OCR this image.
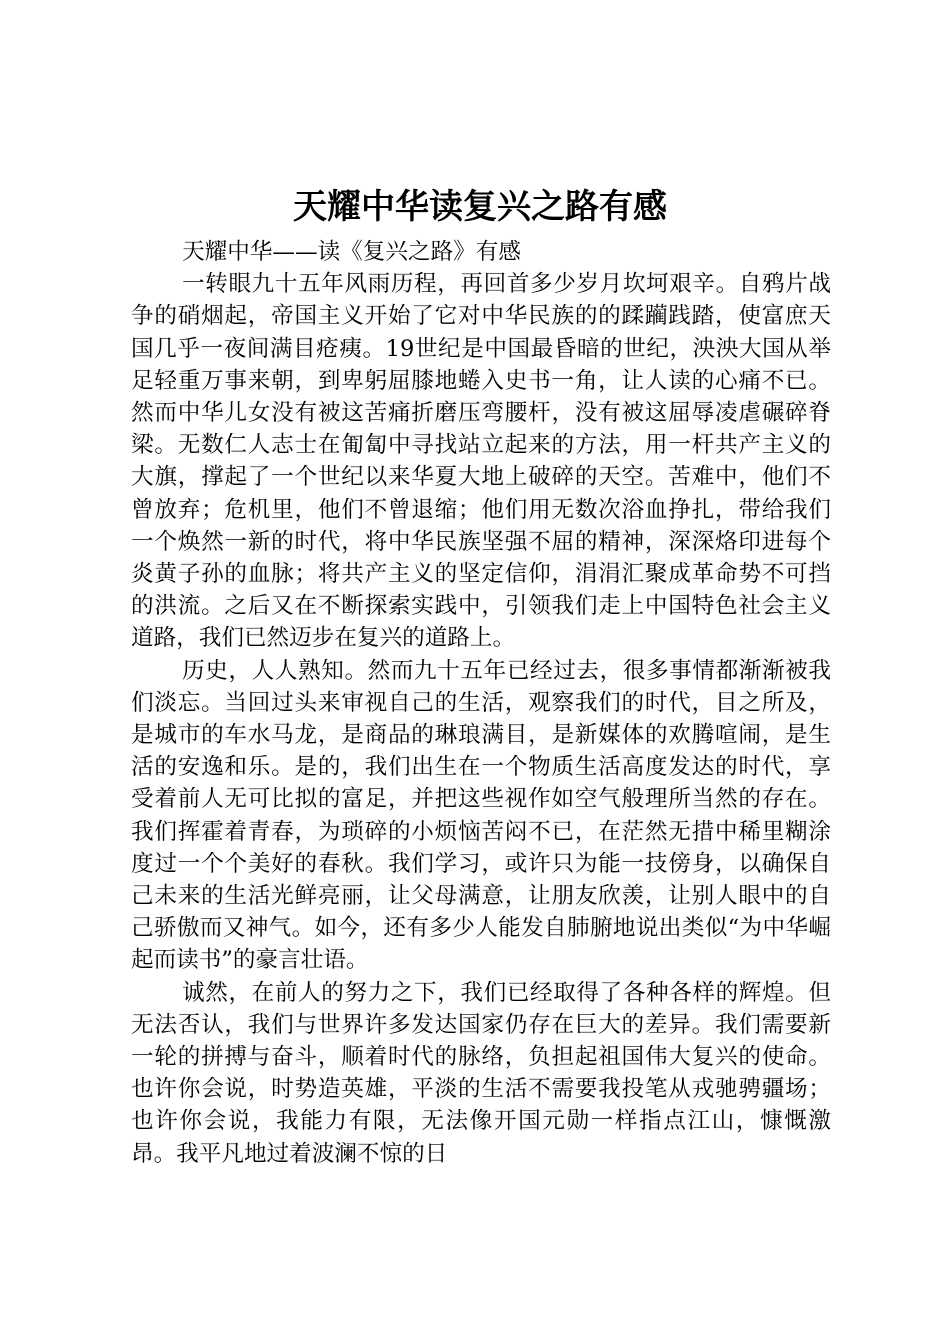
天耀中华读复兴之路有感

天耀中华——读《复兴之路》有感

一转眼九十五年风雨历程，再回首多少岁月坎坷艰辛。自鸦片战争的硝烟起，帝国主义开始了它对中华民族的的蹂躏践踏，使富庶天国几乎一夜间满目疮痍。19世纪是中国最昏暗的世纪，泱泱大国从举足轻重万事来朝，到卑躬屈膝地蜷入史书一角，让人读的心痛不已。然而中华儿女没有被这苦痛折磨压弯腰杆，没有被这屈辱凌虐碾碎脊梁。无数仁人志士在匍匐中寻找站立起来的方法，用一杆共产主义的大旗，撑起了一个世纪以来华夏大地上破碎的天空。苦难中，他们不曾放弃；危机里，他们不曾退缩；他们用无数次浴血挣扎，带给我们一个焕然一新的时代，将中华民族坚强不屈的精神，深深烙印进每个炎黄子孙的血脉；将共产主义的坚定信仰，涓涓汇聚成革命势不可挡的洪流。之后又在不断探索实践中，引领我们走上中国特色社会主义道路，我们已然迈步在复兴的道路上。

历史，人人熟知。然而九十五年已经过去，很多事情都渐渐被我们淡忘。当回过头来审视自己的生活，观察我们的时代，目之所及，是城市的车水马龙，是商品的琳琅满目，是新媒体的欢腾喧闹，是生活的安逸和乐。是的，我们出生在一个物质生活高度发达的时代，享受着前人无可比拟的富足，并把这些视作如空气般理所当然的存在。我们挥霍着青春，为琐碎的小烦恼苦闷不已，在茫然无措中稀里糊涂度过一个个美好的春秋。我们学习，或许只为能一技傍身，以确保自己未来的生活光鲜亮丽，让父母满意，让朋友欣羡，让别人眼中的自己骄傲而又神气。如今，还有多少人能发自肺腑地说出类似“为中华崛起而读书”的豪言壮语。

诚然，在前人的努力之下，我们已经取得了各种各样的辉煌。但无法否认，我们与世界许多发达国家仍存在巨大的差异。我们需要新一轮的拼搏与奋斗，顺着时代的脉络，负担起祖国伟大复兴的使命。也许你会说，时势造英雄，平淡的生活不需要我投笔从戎驰骋疆场；也许你会说，我能力有限，无法像开国元勋一样指点江山，慷慨激昂。我平凡地过着波澜不惊的日
